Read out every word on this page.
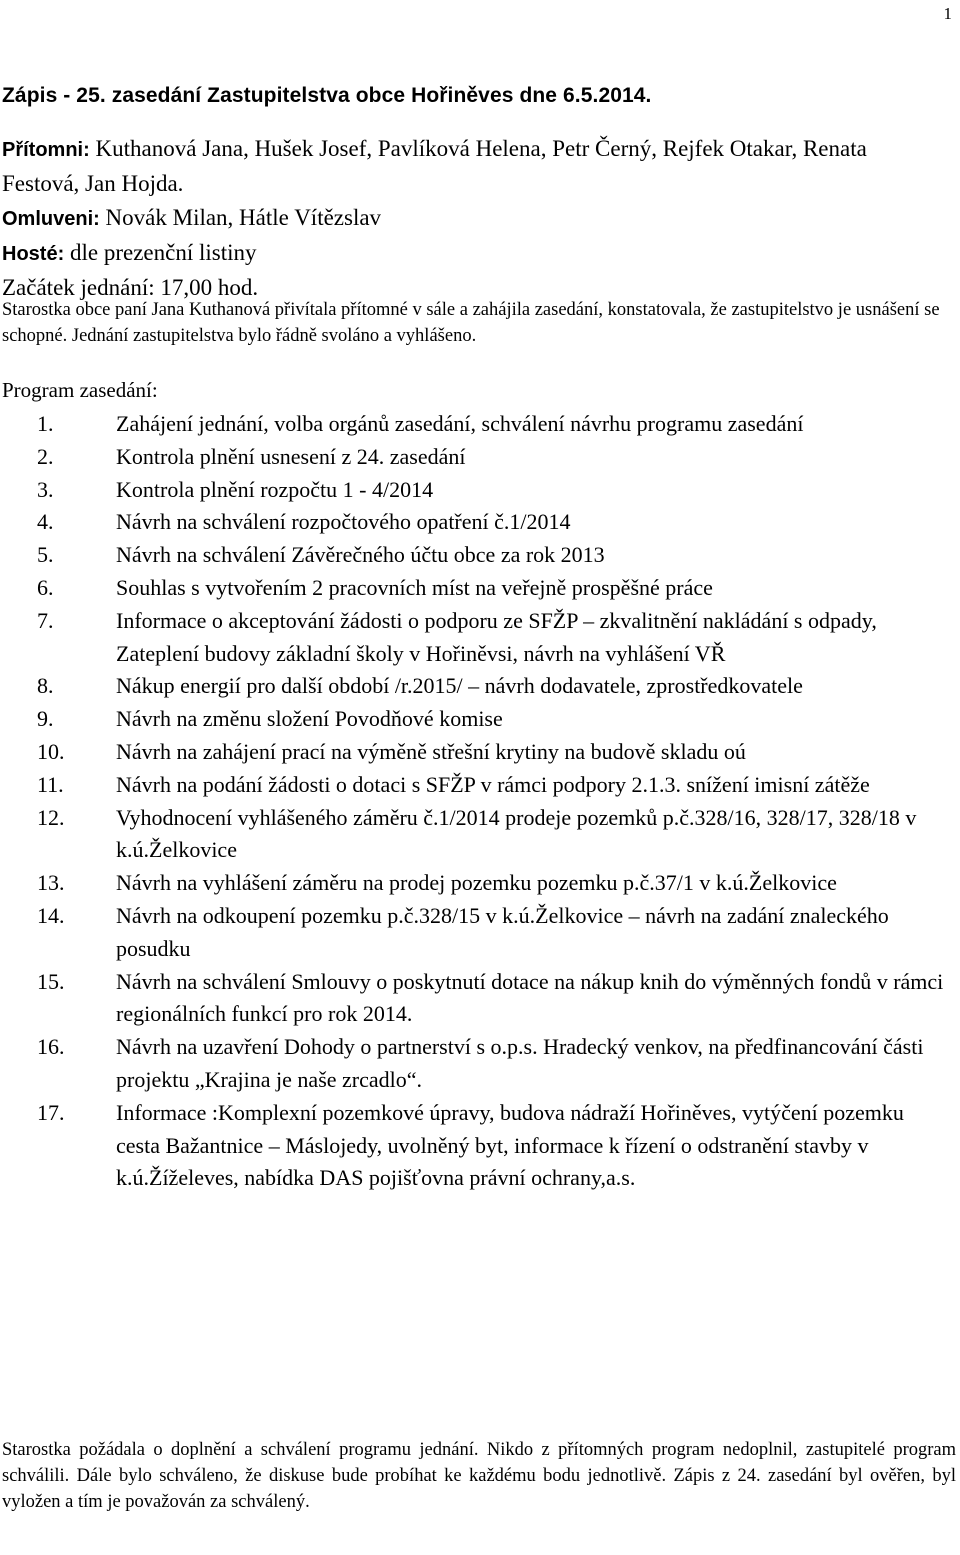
1
Zápis - 25. zasedání Zastupitelstva obce Hořiněves dne 6.5.2014.
Přítomni: Kuthanová Jana, Hušek Josef, Pavlíková Helena, Petr Černý, Rejfek Otakar, Renata Festová, Jan Hojda.
Omluveni: Novák Milan, Hátle Vítězslav
Hosté: dle prezenční listiny
Začátek jednání: 17,00 hod.
Starostka obce paní Jana Kuthanová přivítala přítomné v sále a zahájila zasedání, konstatovala, že zastupitelstvo je usnášení se schopné. Jednání zastupitelstva bylo řádně svoláno a vyhlášeno.
Program zasedání:
1.	Zahájení jednání, volba orgánů zasedání, schválení návrhu programu zasedání
2.	Kontrola plnění usnesení z 24. zasedání
3.	Kontrola plnění rozpočtu 1 - 4/2014
4.	Návrh na schválení rozpočtového opatření č.1/2014
5.	Návrh na schválení Závěrečného účtu obce za rok 2013
6.	Souhlas s vytvořením 2 pracovních míst na veřejně prospěšné práce
7.	Informace o akceptování žádosti o podporu ze SFŽP – zkvalitnění nakládání s odpady, Zateplení budovy základní školy v Hořiněvsi, návrh na vyhlášení VŘ
8.	Nákup energií pro další období /r.2015/ – návrh dodavatele, zprostředkovatele
9.	Návrh na změnu složení Povodňové komise
10. Návrh na zahájení prací na výměně střešní krytiny na budově skladu oú
11. Návrh na podání žádosti o dotaci s SFŽP v rámci podpory 2.1.3. snížení imisní zátěže
12. Vyhodnocení vyhlášeného záměru č.1/2014 prodeje pozemků p.č.328/16, 328/17, 328/18 v k.ú.Želkovice
13. Návrh na vyhlášení záměru na prodej pozemku pozemku p.č.37/1 v k.ú.Želkovice
14. Návrh na odkoupení pozemku p.č.328/15 v k.ú.Želkovice – návrh na zadání znaleckého posudku
15. Návrh na schválení Smlouvy o poskytnutí dotace na nákup knih do výměnných fondů v rámci regionálních funkcí pro rok 2014.
16. Návrh na uzavření Dohody o partnerství s o.p.s. Hradecký venkov, na předfinancování části projektu „Krajina je naše zrcadlo“.
17. Informace :Komplexní pozemkové úpravy, budova nádraží Hořiněves, vytýčení pozemku cesta Bažantnice – Máslojedy, uvolněný byt, informace k řízení o odstranění stavby v k.ú.Žíželeves, nabídka DAS pojišťovna právní ochrany,a.s.
Starostka požádala o doplnění a schválení programu jednání. Nikdo z přítomných program nedoplnil, zastupitelé program schválili. Dále bylo schváleno, že diskuse bude probíhat ke každému bodu jednotlivě. Zápis z 24. zasedání byl ověřen, byl vyložen a tím je považován za schválený.
